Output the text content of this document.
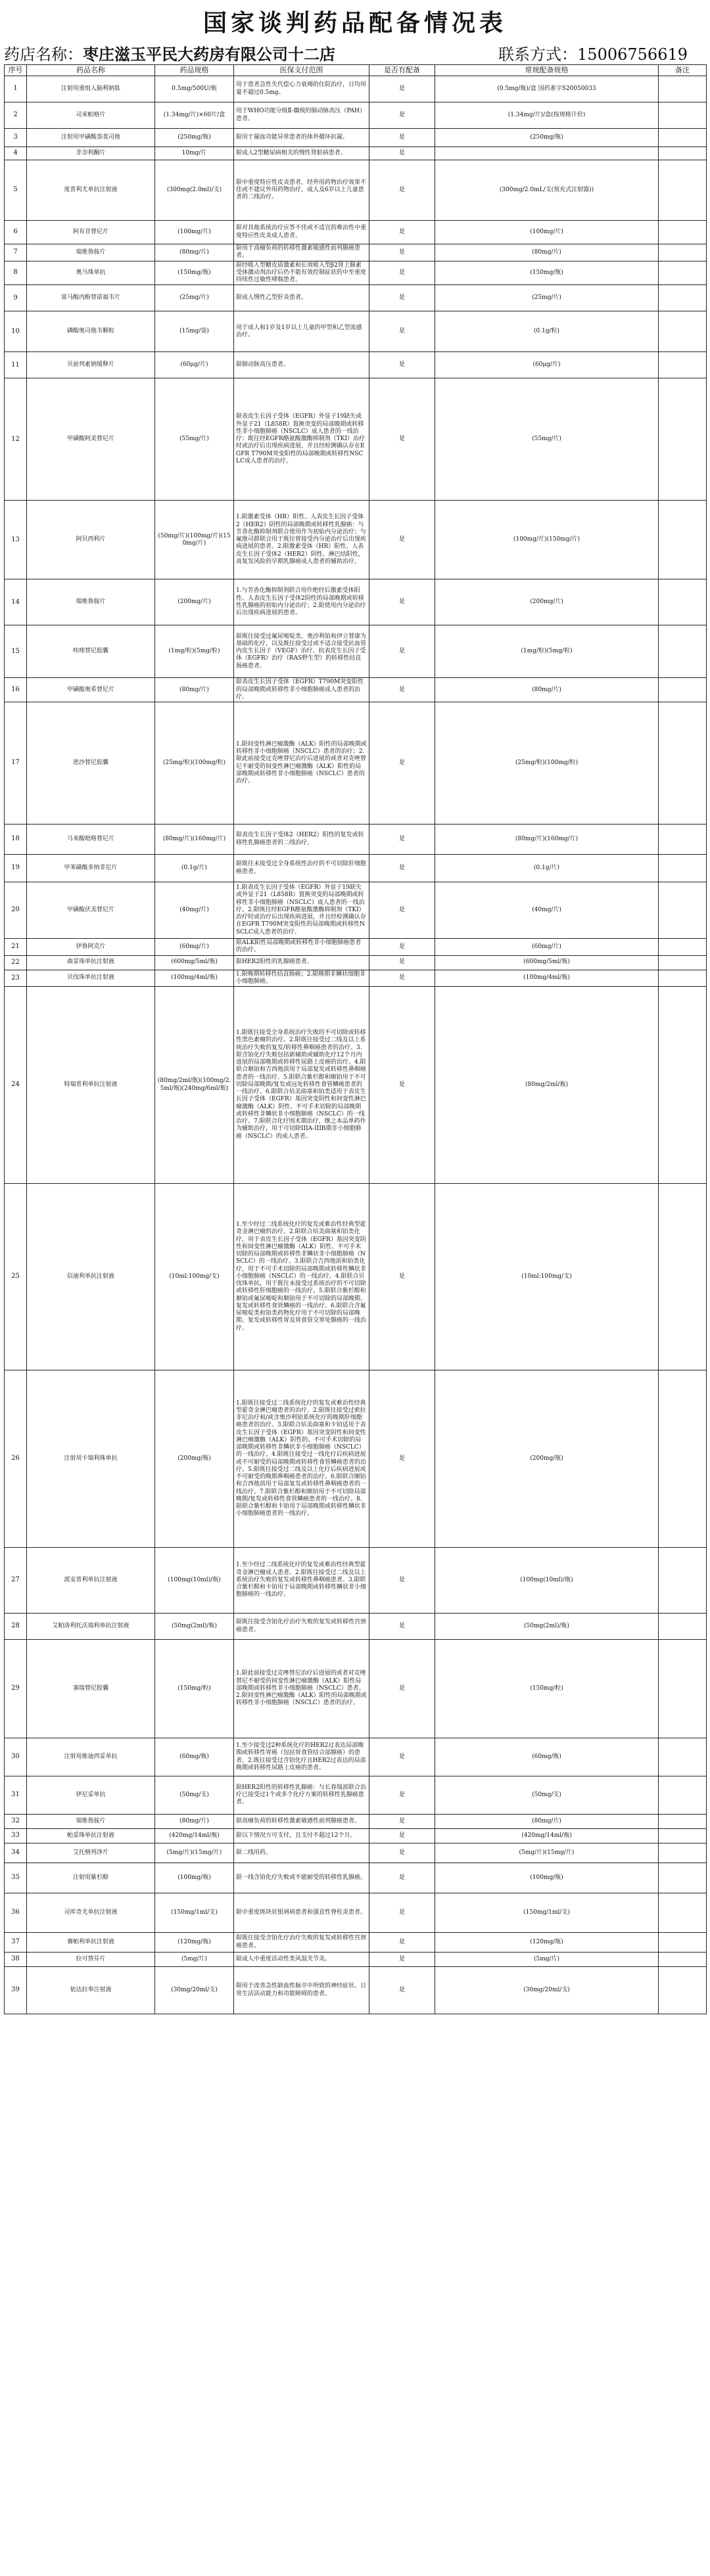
国家谈判药品配备情况表
药店名称：枣庄滋玉平民大药房有限公司十二店	联系方式：15006756619
序号	药品名称	药品规格	医保支付范围	是否有配备	常规配备规格	备注
1	注射用重组人脑利钠肽	0.5mg/500U/瓶	用于患者急性失代偿心力衰竭的住院治疗，日均用量不超过0.5mg。	是	(0.5mg/瓶)/盒 国药准字S20050033	
2	司来帕格片	(1.34mg/片)×60片/盒	用于WHO功能分级Ⅱ-Ⅲ级的肺动脉高压（PAH）患者。	是	(1.34mg/片)/盒(按规格计价)	
3	注射用甲磺酸萘莫司他	(250mg/瓶)	限用于凝血功能异常患者的体外循环抗凝。	是	(250mg/瓶)	
4	非奈利酮片	10mg/片	限成人2型糖尿病相关的慢性肾脏病患者。	是		
5	度普利尤单抗注射液	(300mg(2.0ml)/支)	限中重度特应性皮炎患者，经外用药物治疗效果不佳或不建议外用药物治疗，成人及6岁以上儿童患者的二线治疗。	是	(300mg/2.0mL/支(预充式注射器))	
6	阿布昔替尼片	(100mg/片)	限对其他系统治疗应答不佳或不适宜的难治性中重度特应性皮炎成人患者。	是	(100mg/片)	
7	瑞维鲁胺片	(80mg/片)	限用于高瘤负荷的转移性激素敏感性前列腺癌患者。	是	(80mg/片)	
8	奥马珠单抗	(150mg/瓶)	限经吸入型糖皮质激素和长效吸入型β2肾上腺素受体激动剂治疗后仍不能有效控制症状的中至重度持续性过敏性哮喘患者。	是	(150mg/瓶)	
9	富马酸丙酚替诺福韦片	(25mg/片)	限成人慢性乙型肝炎患者。	是	(25mg/片)	
10	磷酸奥司他韦颗粒	(15mg/袋)	用于成人和1岁及1岁以上儿童的甲型和乙型流感治疗。	是	(0.1g/粒)	
11	贝前列素钠缓释片	(60μg/片)	限肺动脉高压患者。	是	(60μg/片)	
12	甲磺酸阿美替尼片	(55mg/片)	限表皮生长因子受体（EGFR）外显子19缺失或外显子21（L858R）置换突变的局部晚期或转移性非小细胞肺癌（NSCLC）成人患者的一线治疗；既往经EGFR酪氨酸激酶抑制剂（TKI）治疗时或治疗后出现疾病进展，并且经检测确认存在EGFR T790M突变阳性的局部晚期或转移性NSCLC成人患者的治疗。	是	(55mg/片)	
13	阿贝西利片	(50mg/片)(100mg/片)(150mg/片)	1.限激素受体（HR）阳性、人表皮生长因子受体2（HER2）阴性的局部晚期或转移性乳腺癌：与芳香化酶抑制剂联合使用作为初始内分泌治疗；与氟维司群联合用于既往曾接受内分泌治疗后出现疾病进展的患者。2.限激素受体（HR）阳性、人表皮生长因子受体2（HER2）阴性、淋巴结阳性，高复发风险的早期乳腺癌成人患者的辅助治疗。	是	(100mg/片)(150mg/片)	
14	瑞维鲁胺片	(200mg/片)	1.与芳香化酶抑制剂联合用作绝经后激素受体阳性、人表皮生长因子受体2阴性的局部晚期或转移性乳腺癌的初始内分泌治疗；2.限使用内分泌治疗后出现疾病进展的患者。	是	(200mg/片)	
15	呋喹替尼胶囊	(1mg/粒)(5mg/粒)	限既往接受过氟尿嘧啶类、奥沙利铂和伊立替康为基础的化疗，以及既往接受过或不适合接受抗血管内皮生长因子（VEGF）治疗、抗表皮生长因子受体（EGFR）治疗（RAS野生型）的转移性结直肠癌患者。	是	(1mg/粒)(5mg/粒)	
16	甲磺酸奥希替尼片	(80mg/片)	限表皮生长因子受体（EGFR）T790M突变阳性的局部晚期或转移性非小细胞肺癌成人患者的治疗。	是	(80mg/片)	
17	恩沙替尼胶囊	(25mg/粒)(100mg/粒)	1.限间变性淋巴瘤激酶（ALK）阳性的局部晚期或转移性非小细胞肺癌（NSCLC）患者的治疗；2.限此前接受过克唑替尼治疗后进展的或者对克唑替尼不耐受的间变性淋巴瘤激酶（ALK）阳性的局部晚期或转移性非小细胞肺癌（NSCLC）患者的治疗。	是	(25mg/粒)(100mg/粒)	
18	马来酸吡咯替尼片	(80mg/片)(160mg/片)	限表皮生长因子受体2（HER2）阳性的复发或转移性乳腺癌患者的二线治疗。	是	(80mg/片)(160mg/片)	
19	甲苯磺酸多纳非尼片	(0.1g/片)	限既往未接受过全身系统性治疗的不可切除肝细胞癌患者。	是	(0.1g/片)	
20	甲磺酸伏美替尼片	(40mg/片)	1.限表皮生长因子受体（EGFR）外显子19缺失或外显子21（L858R）置换突变的局部晚期或转移性非小细胞肺癌（NSCLC）成人患者的一线治疗。2.限既往经EGFR酪氨酸激酶抑制剂（TKI）治疗时或治疗后出现疾病进展，并且经检测确认存在EGFR T790M突变阳性的局部晚期或转移性NSCLC成人患者的治疗。	是	(40mg/片)	
21	伊鲁阿克片	(60mg/片)	限ALK阳性局部晚期或转移性非小细胞肺癌患者的治疗。	是	(60mg/片)	
22	曲妥珠单抗注射液	(600mg/5ml/瓶)	限HER2阳性的乳腺癌患者。	是	(600mg/5ml/瓶)	
23	贝伐珠单抗注射液	(100mg/4ml/瓶)	1.限晚期转移性结直肠癌；2.限晚期非鳞状细胞非小细胞肺癌。	是	(100mg/4ml/瓶)	
24	特瑞普利单抗注射液	(80mg/2ml/瓶)(100mg/2.5ml/瓶)(240mg/6ml/瓶)	1.限既往接受全身系统治疗失败的不可切除或转移性黑色素瘤的治疗。2.限既往接受过二线及以上系统治疗失败的复发/转移性鼻咽癌患者的治疗。3.限含铂化疗失败包括新辅助或辅助化疗12个月内进展的局部晚期或转移性尿路上皮癌的治疗。4.限联合顺铂和吉西他滨用于局部复发或转移性鼻咽癌患者的一线治疗。5.限联合紫杉醇和顺铂用于不可切除局部晚期/复发或远处转移性食管鳞癌患者的一线治疗。6.限联合培美曲塞和铂类适用于表皮生长因子受体（EGFR）基因突变阴性和间变性淋巴瘤激酶（ALK）阴性、不可手术切除的局部晚期或转移性非鳞状非小细胞肺癌（NSCLC）的一线治疗。7.限联合化疗围术期治疗，继之本品单药作为辅助治疗，用于可切除IIIA-IIIB期非小细胞肺癌（NSCLC）的成人患者。	是	(80mg/2ml/瓶)	
25	信迪利单抗注射液	(10ml:100mg/支)	1.至少经过二线系统化疗的复发或难治性经典型霍奇金淋巴瘤的治疗。2.限联合培美曲塞和铂类化疗，用于表皮生长因子受体（EGFR）基因突变阴性和间变性淋巴瘤激酶（ALK）阴性、不可手术切除的局部晚期或转移性非鳞状非小细胞肺癌（NSCLC）的一线治疗。3.限联合吉西他滨和铂类化疗，用于不可手术切除的局部晚期或转移性鳞状非小细胞肺癌（NSCLC）的一线治疗。4.限联合贝伐珠单抗，用于既往未接受过系统治疗的不可切除或转移性肝细胞癌的一线治疗。5.限联合紫杉醇和顺铂或氟尿嘧啶和顺铂用于不可切除的局部晚期、复发或转移性食管鳞癌的一线治疗。6.限联合含氟尿嘧啶类和铂类药物化疗用于不可切除的局部晚期、复发或转移性胃及胃食管交界处腺癌的一线治疗。	是	(10ml:100mg/支)	
26	注射用卡瑞利珠单抗	(200mg/瓶)	1.限既往接受过二线系统化疗的复发或难治性经典型霍奇金淋巴瘤患者的治疗。2.限既往接受过索拉非尼治疗和/或含奥沙利铂系统化疗的晚期肝细胞癌患者的治疗。3.限联合培美曲塞和卡铂适用于表皮生长因子受体（EGFR）基因突变阴性和间变性淋巴瘤激酶（ALK）阴性的、不可手术切除的局部晚期或转移性非鳞状非小细胞肺癌（NSCLC）的一线治疗。4.限既往接受过一线化疗后疾病进展或不可耐受的局部晚期或转移性食管鳞癌患者的治疗。5.限既往接受过二线及以上化疗后疾病进展或不可耐受的晚期鼻咽癌患者的治疗。6.限联合顺铂和吉西他滨用于局部复发或转移性鼻咽癌患者的一线治疗。7.限联合紫杉醇和顺铂用于不可切除局部晚期/复发或转移性食管鳞癌患者的一线治疗。8.限联合紫杉醇和卡铂用于局部晚期或转移性鳞状非小细胞肺癌患者的一线治疗。	是	(200mg/瓶)	
27	派安普利单抗注射液	(100mg(10ml)/瓶)	1.至少经过二线系统化疗的复发或难治性经典型霍奇金淋巴瘤成人患者。2.限既往接受过二线及以上系统治疗失败的复发或转移性鼻咽癌患者。3.限联合紫杉醇和卡铂用于局部晚期或转移性鳞状非小细胞肺癌的一线治疗。	是	(100mg(10ml)/瓶)	
28	艾帕洛利托沃瑞利单抗注射液	(50mg(2ml)/瓶)	限既往接受含铂化疗治疗失败的复发或转移性宫颈癌患者。	是	(50mg(2ml)/瓶)	
29	塞瑞替尼胶囊	(150mg/粒)	1.限此前接受过克唑替尼治疗后进展的或者对克唑替尼不耐受的间变性淋巴瘤激酶（ALK）阳性局部晚期或转移性非小细胞肺癌（NSCLC）患者。2.限间变性淋巴瘤激酶（ALK）阳性的局部晚期或转移性非小细胞肺癌（NSCLC）患者的治疗。	是	(150mg/粒)	
30	注射用维迪西妥单抗	(60mg/瓶)	1.至少接受过2种系统化疗的HER2过表达局部晚期或转移性胃癌（包括胃食管结合部腺癌）的患者。2.既往接受过含铂化疗且HER2过表达的局部晚期或转移性尿路上皮癌的患者。	是	(60mg/瓶)	
31	伊尼妥单抗	(50mg/支)	限HER2阳性的转移性乳腺癌：与长春瑞滨联合治疗已接受过1个或多个化疗方案的转移性乳腺癌患者。	是	(50mg/支)	
32	瑞维鲁胺片	(80mg/片)	限高瘤负荷的转移性激素敏感性前列腺癌患者。	是	(80mg/片)	
33	帕妥珠单抗注射液	(420mg/14ml/瓶)	限以下情况方可支付，且支付不超过12个月。	是	(420mg/14ml/瓶)	
34	艾托格列净片	(5mg/片)(15mg/片)	限二线用药。	是	(5mg/片)(15mg/片)	
35	注射用紫杉醇	(100mg/瓶)	限一线含铂化疗失败或不能耐受的转移性乳腺癌。	是	(100mg/瓶)	
36	司库奇尤单抗注射液	(150mg/1ml/支)	限中重度斑块状银屑病患者和强直性脊柱炎患者。	是	(150mg/1ml/支)	
37	赛帕利单抗注射液	(120mg/瓶)	限既往接受含铂化疗治疗失败的复发或转移性宫颈癌患者。	是	(120mg/瓶)	
38	拉可替芬片	(5mg/片)	限成人中重度活动性类风湿关节炎。	是	(5mg/片)	
39	依达拉奉注射液	(30mg/20ml/支)	限用于改善急性缺血性脑卒中所致的神经症状、日常生活活动能力和功能障碍的患者。	是	(30mg/20ml/支)	
